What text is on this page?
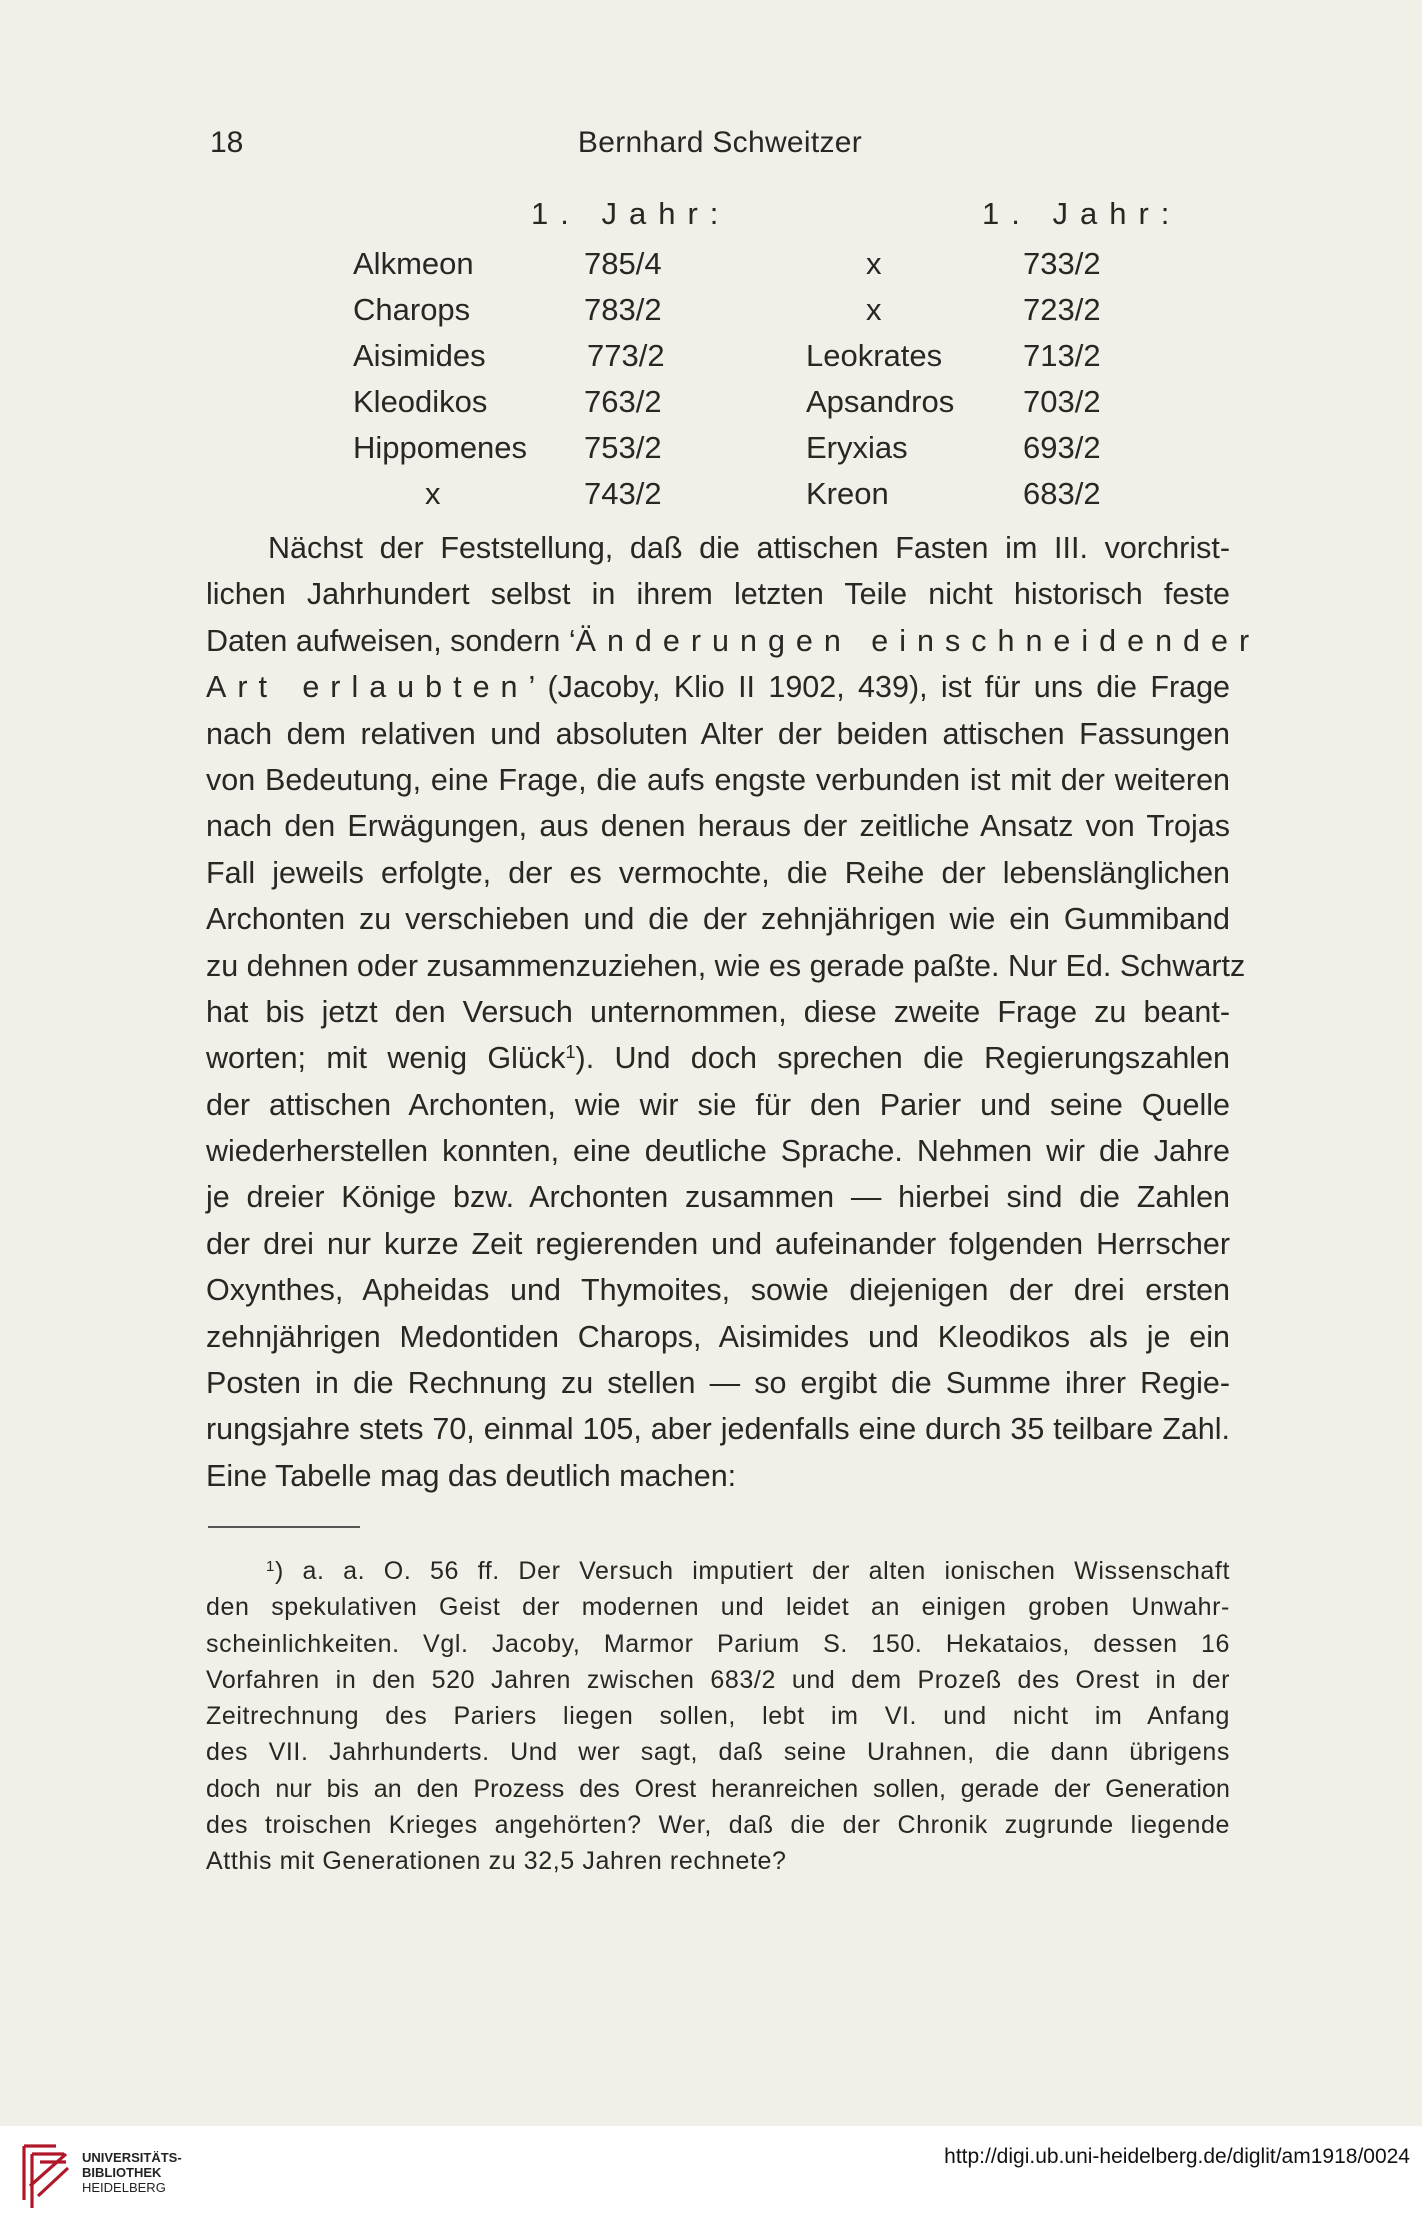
18	Bernhard Schweitzer
1. Jahr:	1. Jahr:
Alkmeon	785/4	x	733/2
Charops	783/2	x	723/2
Aisimides	773/2	Leokrates	713/2
Kleodikos	763/2	Apsandros 703/2
Hippomenes 753/2	Eryxias	693/2
x	743/2	Kreon	683/2
Nächst der Feststellung, daß die attischen Fasten im III. vorchrist-
lichen Jahrhundert selbst in ihrem letzten Teile nicht historisch feste
Daten aufweisen, sondern ‘Änderungen einschneidender
Art erlaubten’ (Jacoby, Klio II 1902, 439), ist für uns die Frage
nach dem relativen und absoluten Alter der beiden attischen Fassungen
von Bedeutung, eine Frage, die aufs engste verbunden ist mit der weiteren
nach den Erwägungen, aus denen heraus der zeitliche Ansatz von Trojas
Fall jeweils erfolgte, der es vermochte, die Reihe der lebenslänglichen
Archonten zu verschieben und die der zehnjährigen wie ein Gummiband
zu dehnen oder zusammenzuziehen, wie es gerade paßte. Nur Ed. Schwartz
hat bis jetzt den Versuch unternommen, diese zweite Frage zu beant-
worten; mit wenig Glück$^1$). Und doch sprechen die Regierungszahlen
der attischen Archonten, wie wir sie für den Parier und seine Quelle
wiederherstellen konnten, eine deutliche Sprache. Nehmen wir die Jahre
je dreier Könige bzw. Archonten zusammen — hierbei sind die Zahlen
der drei nur kurze Zeit regierenden und aufeinander folgenden Herrscher
Oxynthes, Apheidas und Thymoites, sowie diejenigen der drei ersten
zehnjährigen Medontiden Charops, Aisimides und Kleodikos als je ein
Posten in die Rechnung zu stellen — so ergibt die Summe ihrer Regie-
rungsjahre stets 70, einmal 105, aber jedenfalls eine durch 35 teilbare Zahl.
Eine Tabelle mag das deutlich machen:
$^1$) a. a. O. 56 ff. Der Versuch imputiert der alten ionischen Wissenschaft
den spekulativen Geist der modernen und leidet an einigen groben Unwahr-
scheinlichkeiten. Vgl. Jacoby, Marmor Parium S. 150. Hekataios, dessen 16
Vorfahren in den 520 Jahren zwischen 683/2 und dem Prozeß des Orest in der
Zeitrechnung des Pariers liegen sollen, lebt im VI. und nicht im Anfang
des VII. Jahrhunderts. Und wer sagt, daß seine Urahnen, die dann übrigens
doch nur bis an den Prozess des Orest heranreichen sollen, gerade der Generation
des troischen Krieges angehörten? Wer, daß die der Chronik zugrunde liegende
Atthis mit Generationen zu 32,5 Jahren rechnete?
UNIVERSITÄTS-
BIBLIOTHEK
HEIDELBERG
http://digi.ub.uni-heidelberg.de/diglit/am1918/0024
